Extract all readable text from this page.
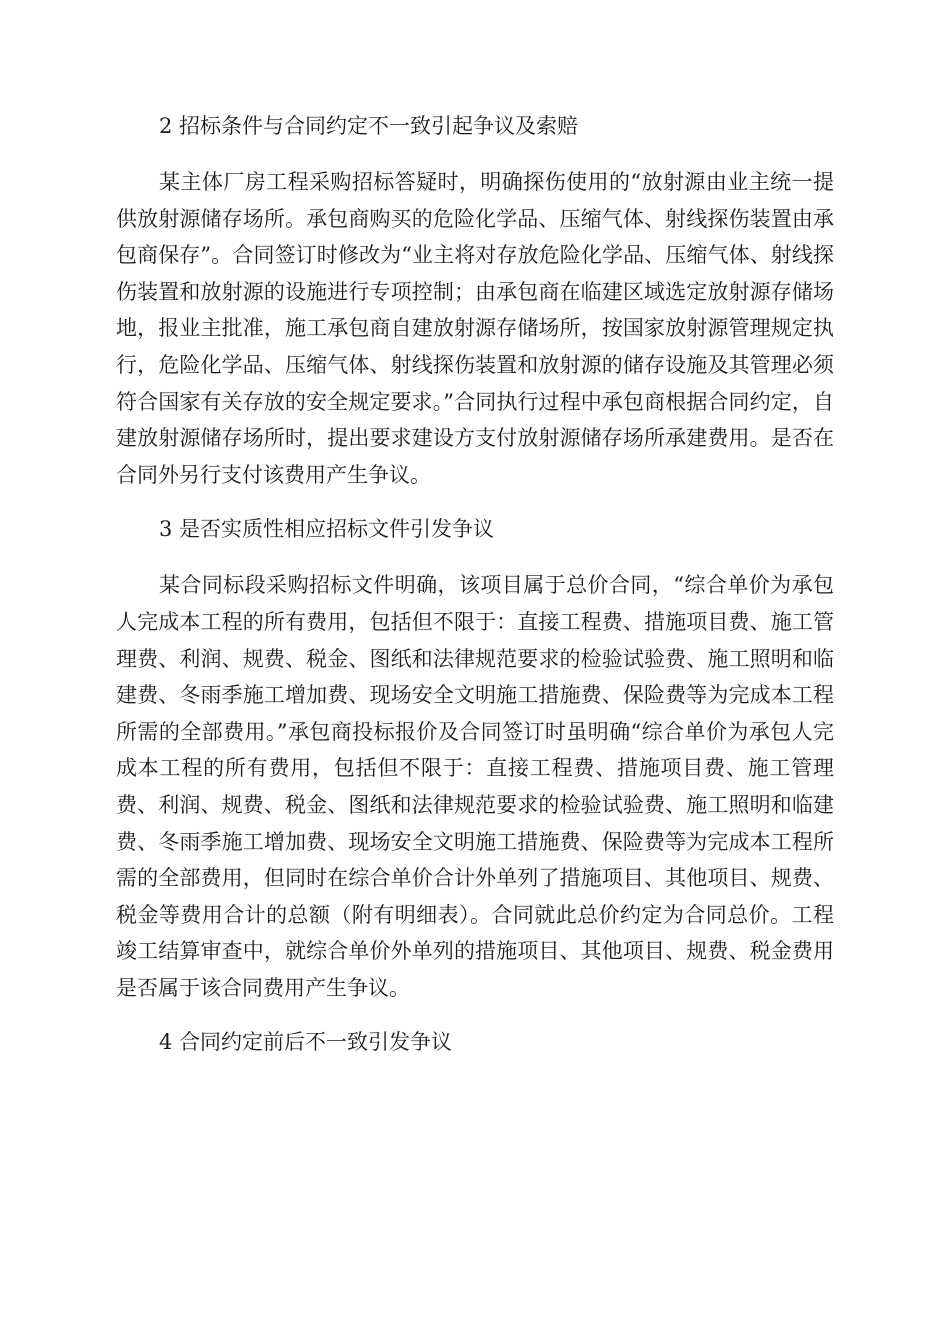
2 招标条件与合同约定不一致引起争议及索赔

某主体厂房工程采购招标答疑时，明确探伤使用的“放射源由业主统一提供放射源储存场所。承包商购买的危险化学品、压缩气体、射线探伤装置由承包商保存”。合同签订时修改为“业主将对存放危险化学品、压缩气体、射线探伤装置和放射源的设施进行专项控制；由承包商在临建区域选定放射源存储场地，报业主批准，施工承包商自建放射源存储场所，按国家放射源管理规定执行，危险化学品、压缩气体、射线探伤装置和放射源的储存设施及其管理必须符合国家有关存放的安全规定要求。”合同执行过程中承包商根据合同约定，自建放射源储存场所时，提出要求建设方支付放射源储存场所承建费用。是否在合同外另行支付该费用产生争议。

3 是否实质性相应招标文件引发争议

某合同标段采购招标文件明确，该项目属于总价合同，“综合单价为承包人完成本工程的所有费用，包括但不限于：直接工程费、措施项目费、施工管理费、利润、规费、税金、图纸和法律规范要求的检验试验费、施工照明和临建费、冬雨季施工增加费、现场安全文明施工措施费、保险费等为完成本工程所需的全部费用。”承包商投标报价及合同签订时虽明确“综合单价为承包人完成本工程的所有费用，包括但不限于：直接工程费、措施项目费、施工管理费、利润、规费、税金、图纸和法律规范要求的检验试验费、施工照明和临建费、冬雨季施工增加费、现场安全文明施工措施费、保险费等为完成本工程所需的全部费用，但同时在综合单价合计外单列了措施项目、其他项目、规费、税金等费用合计的总额（附有明细表）。合同就此总价约定为合同总价。工程竣工结算审查中，就综合单价外单列的措施项目、其他项目、规费、税金费用是否属于该合同费用产生争议。

4 合同约定前后不一致引发争议
